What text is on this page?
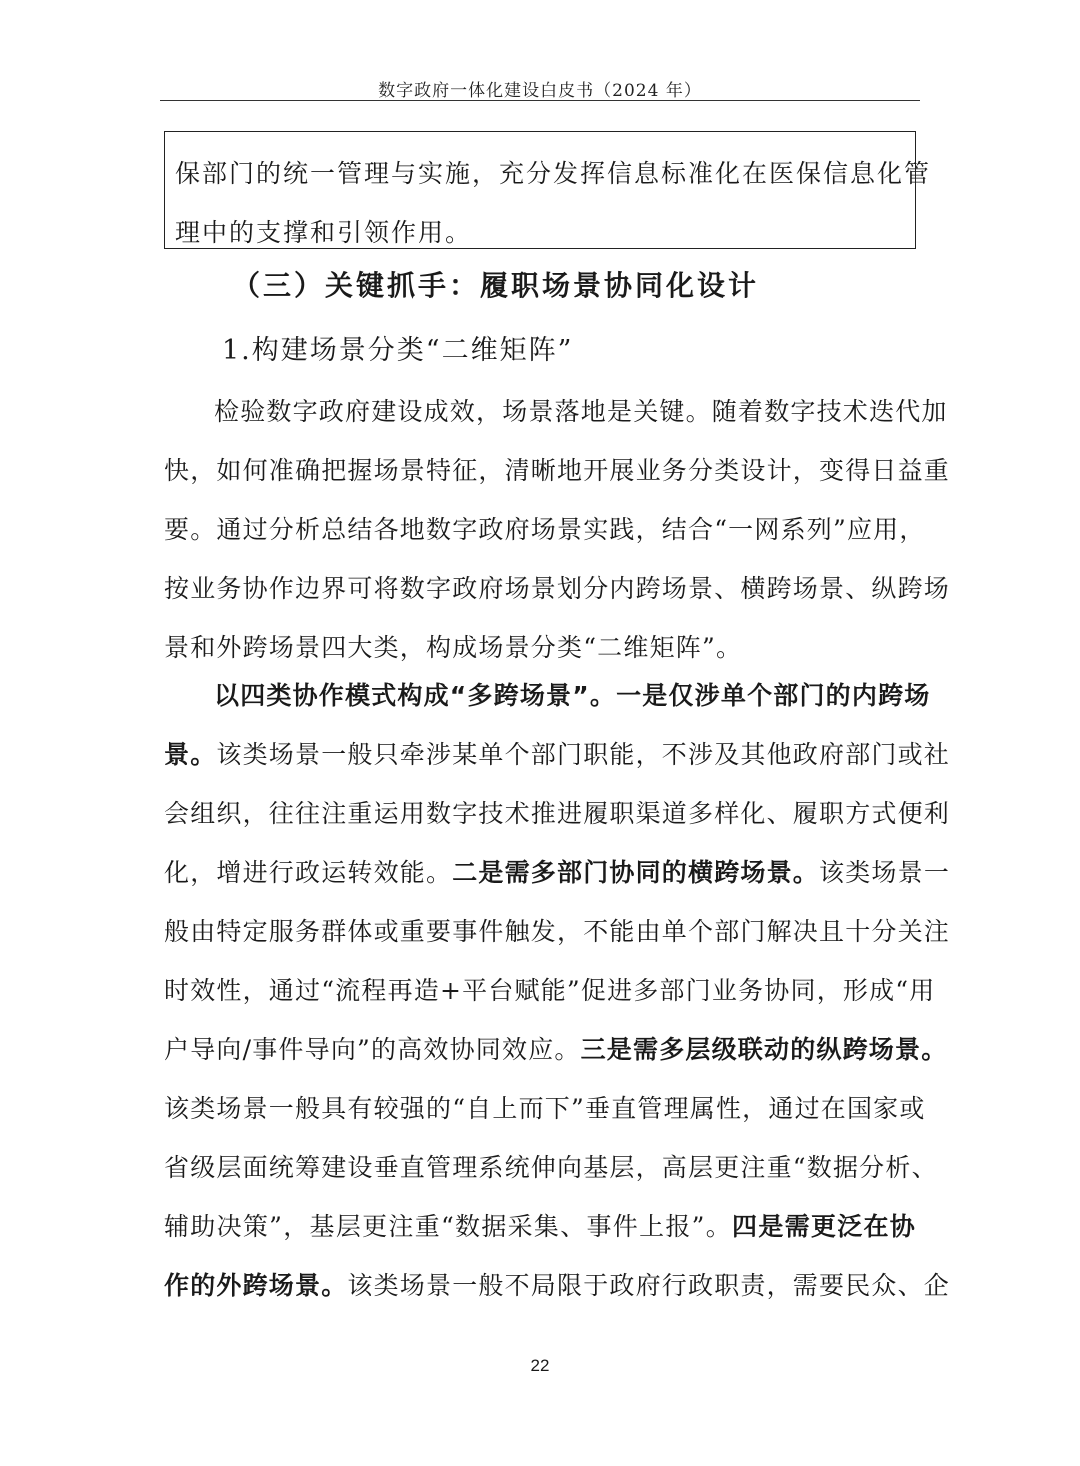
数字政府一体化建设白皮书（2024 年）
保部门的统一管理与实施，充分发挥信息标准化在医保信息化管
理中的支撑和引领作用。
（三）关键抓手：履职场景协同化设计
1.构建场景分类“二维矩阵”
检验数字政府建设成效，场景落地是关键。随着数字技术迭代加
快，如何准确把握场景特征，清晰地开展业务分类设计，变得日益重
要。通过分析总结各地数字政府场景实践，结合“一网系列”应用，
按业务协作边界可将数字政府场景划分内跨场景、横跨场景、纵跨场
景和外跨场景四大类，构成场景分类“二维矩阵”。
以四类协作模式构成“多跨场景”。一是仅涉单个部门的内跨场
景。该类场景一般只牵涉某单个部门职能，不涉及其他政府部门或社
会组织，往往注重运用数字技术推进履职渠道多样化、履职方式便利
化，增进行政运转效能。二是需多部门协同的横跨场景。该类场景一
般由特定服务群体或重要事件触发，不能由单个部门解决且十分关注
时效性，通过“流程再造+平台赋能”促进多部门业务协同，形成“用
户导向/事件导向”的高效协同效应。三是需多层级联动的纵跨场景。
该类场景一般具有较强的“自上而下”垂直管理属性，通过在国家或
省级层面统筹建设垂直管理系统伸向基层，高层更注重“数据分析、
辅助决策”，基层更注重“数据采集、事件上报”。四是需更泛在协
作的外跨场景。该类场景一般不局限于政府行政职责，需要民众、企
22
